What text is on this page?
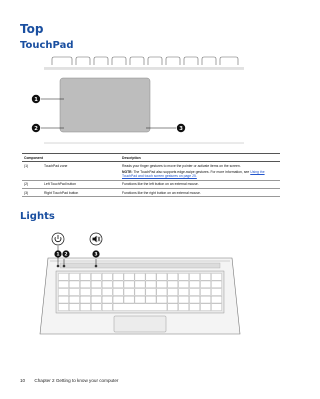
Top
TouchPad
1
2	3
Component		Description
(1)	TouchPad zone	Reads your finger gestures to move the pointer or activate items on the screen.
NOTE: The TouchPad also supports edge-swipe gestures. For more information, see Using the TouchPad and touch screen gestures on page 25.

(2)	Left TouchPad button	Functions like the left button on an external mouse.
(3)	Right TouchPad button	Functions like the right button on an external mouse.
Lights
1 2	3
10 Chapter 2 Getting to know your computer
